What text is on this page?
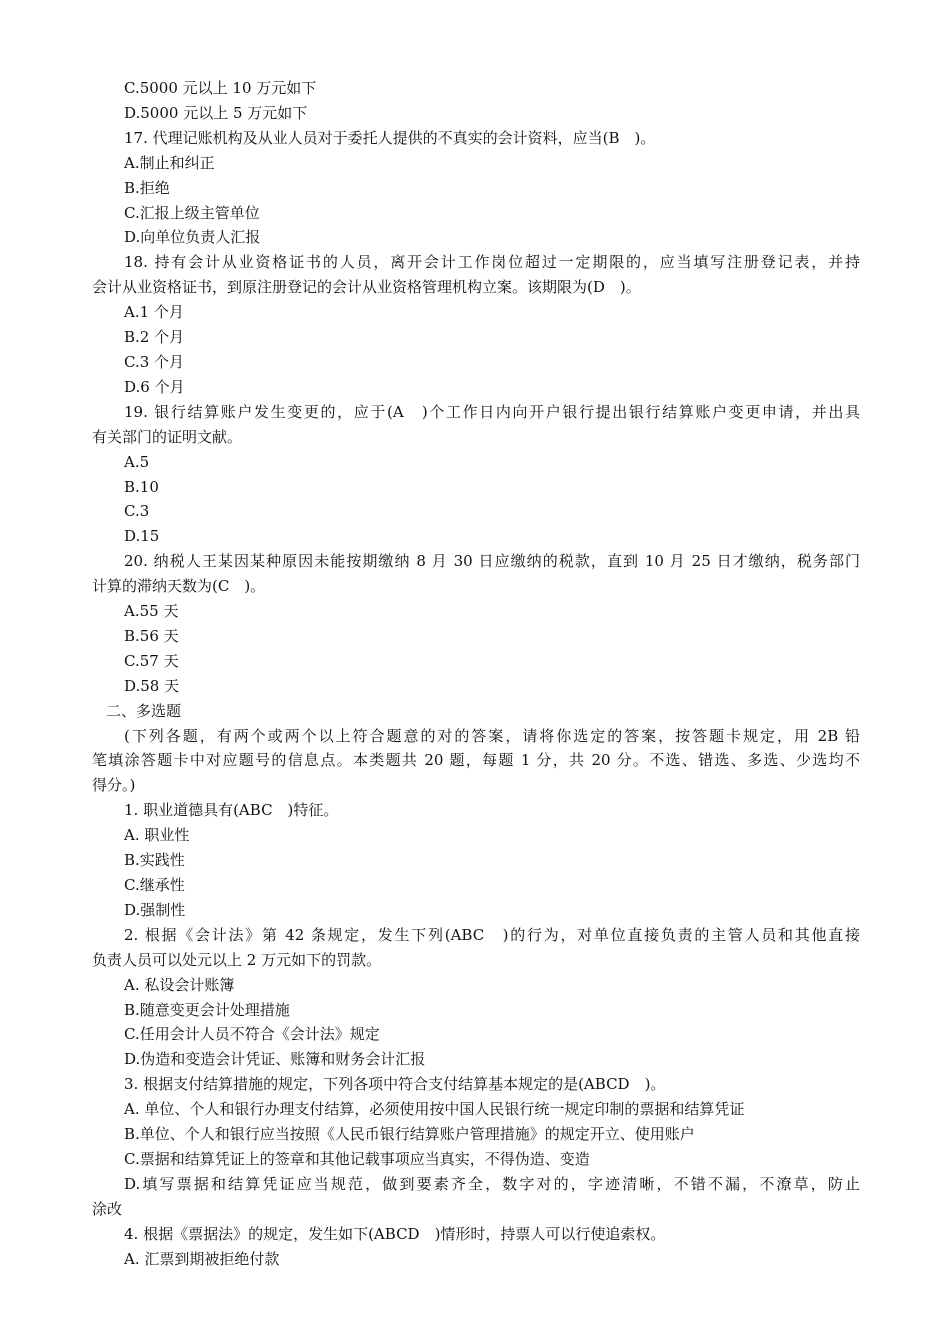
C.5000 元以上 10 万元如下
D.5000 元以上 5 万元如下
17. 代理记账机构及从业人员对于委托人提供的不真实的会计资料，应当(B　)。
A.制止和纠正
B.拒绝
C.汇报上级主管单位
D.向单位负责人汇报
18. 持有会计从业资格证书的人员，离开会计工作岗位超过一定期限的，应当填写注册登记表，并持
会计从业资格证书，到原注册登记的会计从业资格管理机构立案。该期限为(D　)。
A.1 个月
B.2 个月
C.3 个月
D.6 个月
19. 银行结算账户发生变更的，应于(A　)个工作日内向开户银行提出银行结算账户变更申请，并出具
有关部门的证明文献。
A.5
B.10
C.3
D.15
20. 纳税人王某因某种原因未能按期缴纳 8 月 30 日应缴纳的税款，直到 10 月 25 日才缴纳，税务部门
计算的滞纳天数为(C　)。
A.55 天
B.56 天
C.57 天
D.58 天
二、多选题
(下列各题，有两个或两个以上符合题意的对的答案，请将你选定的答案，按答题卡规定，用 2B 铅
笔填涂答题卡中对应题号的信息点。本类题共 20 题，每题 1 分，共 20 分。不选、错选、多选、少选均不
得分。)
1. 职业道德具有(ABC　)特征。
A. 职业性
B.实践性
C.继承性
D.强制性
2. 根据《会计法》第 42 条规定，发生下列(ABC　)的行为，对单位直接负责的主管人员和其他直接
负责人员可以处元以上 2 万元如下的罚款。
A. 私设会计账簿
B.随意变更会计处理措施
C.任用会计人员不符合《会计法》规定
D.伪造和变造会计凭证、账簿和财务会计汇报
3. 根据支付结算措施的规定，下列各项中符合支付结算基本规定的是(ABCD　)。
A. 单位、个人和银行办理支付结算，必须使用按中国人民银行统一规定印制的票据和结算凭证
B.单位、个人和银行应当按照《人民币银行结算账户管理措施》的规定开立、使用账户
C.票据和结算凭证上的签章和其他记载事项应当真实，不得伪造、变造
D.填写票据和结算凭证应当规范，做到要素齐全，数字对的，字迹清晰，不错不漏，不潦草，防止
涂改
4. 根据《票据法》的规定，发生如下(ABCD　)情形时，持票人可以行使追索权。
A. 汇票到期被拒绝付款
